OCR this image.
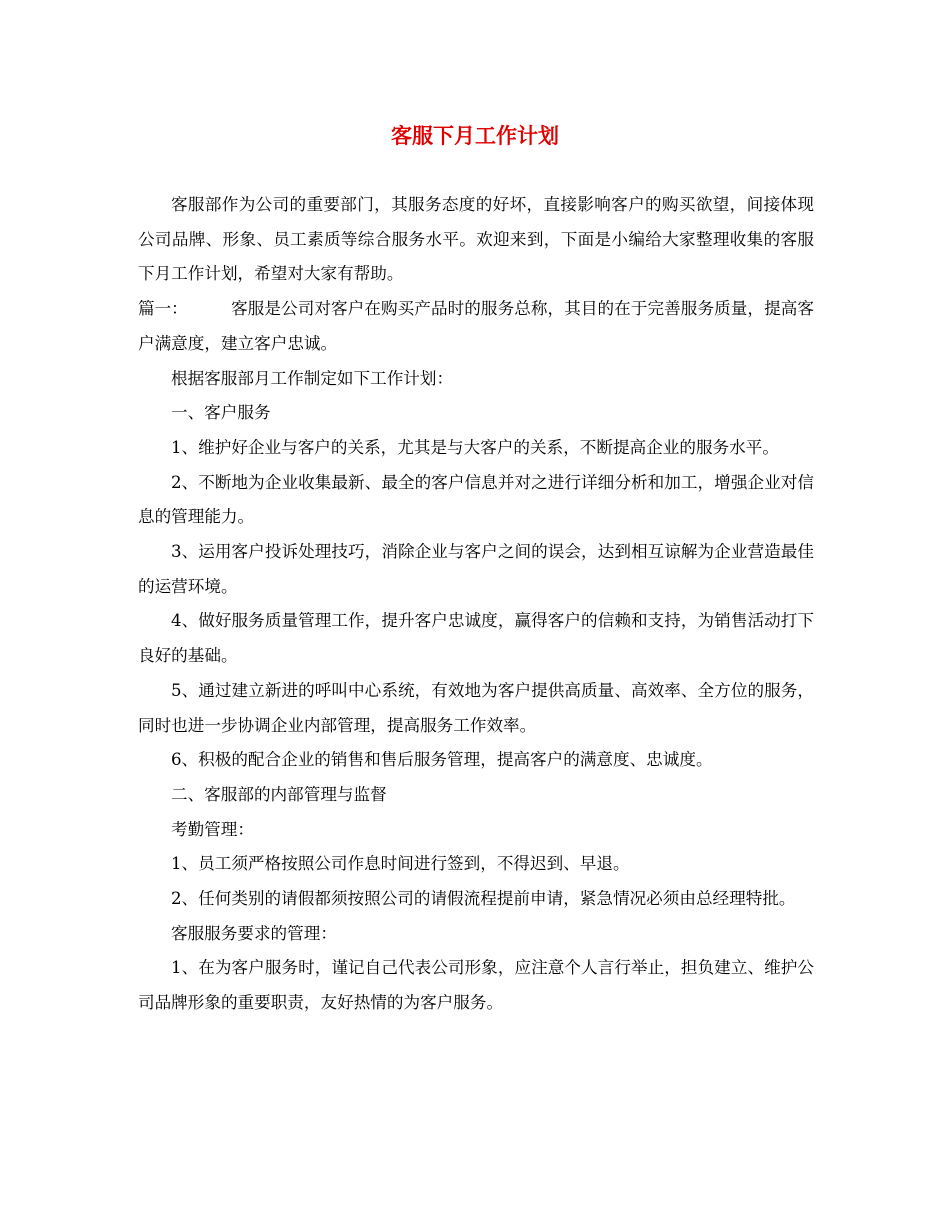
客服下月工作计划

客服部作为公司的重要部门，其服务态度的好坏，直接影响客户的购买欲望，间接体现公司品牌、形象、员工素质等综合服务水平。欢迎来到，下面是小编给大家整理收集的客服下月工作计划，希望对大家有帮助。

篇一：	客服是公司对客户在购买产品时的服务总称，其目的在于完善服务质量，提高客户满意度，建立客户忠诚。

根据客服部月工作制定如下工作计划：

一、客户服务

1、维护好企业与客户的关系，尤其是与大客户的关系，不断提高企业的服务水平。

2、不断地为企业收集最新、最全的客户信息并对之进行详细分析和加工，增强企业对信息的管理能力。

3、运用客户投诉处理技巧，消除企业与客户之间的误会，达到相互谅解为企业营造最佳的运营环境。

4、做好服务质量管理工作，提升客户忠诚度，赢得客户的信赖和支持，为销售活动打下良好的基础。

5、通过建立新进的呼叫中心系统，有效地为客户提供高质量、高效率、全方位的服务，同时也进一步协调企业内部管理，提高服务工作效率。

6、积极的配合企业的销售和售后服务管理，提高客户的满意度、忠诚度。

二、客服部的内部管理与监督

考勤管理：

1、员工须严格按照公司作息时间进行签到，不得迟到、早退。

2、任何类别的请假都须按照公司的请假流程提前申请，紧急情况必须由总经理特批。

客服服务要求的管理：

1、在为客户服务时，谨记自己代表公司形象，应注意个人言行举止，担负建立、维护公司品牌形象的重要职责，友好热情的为客户服务。
